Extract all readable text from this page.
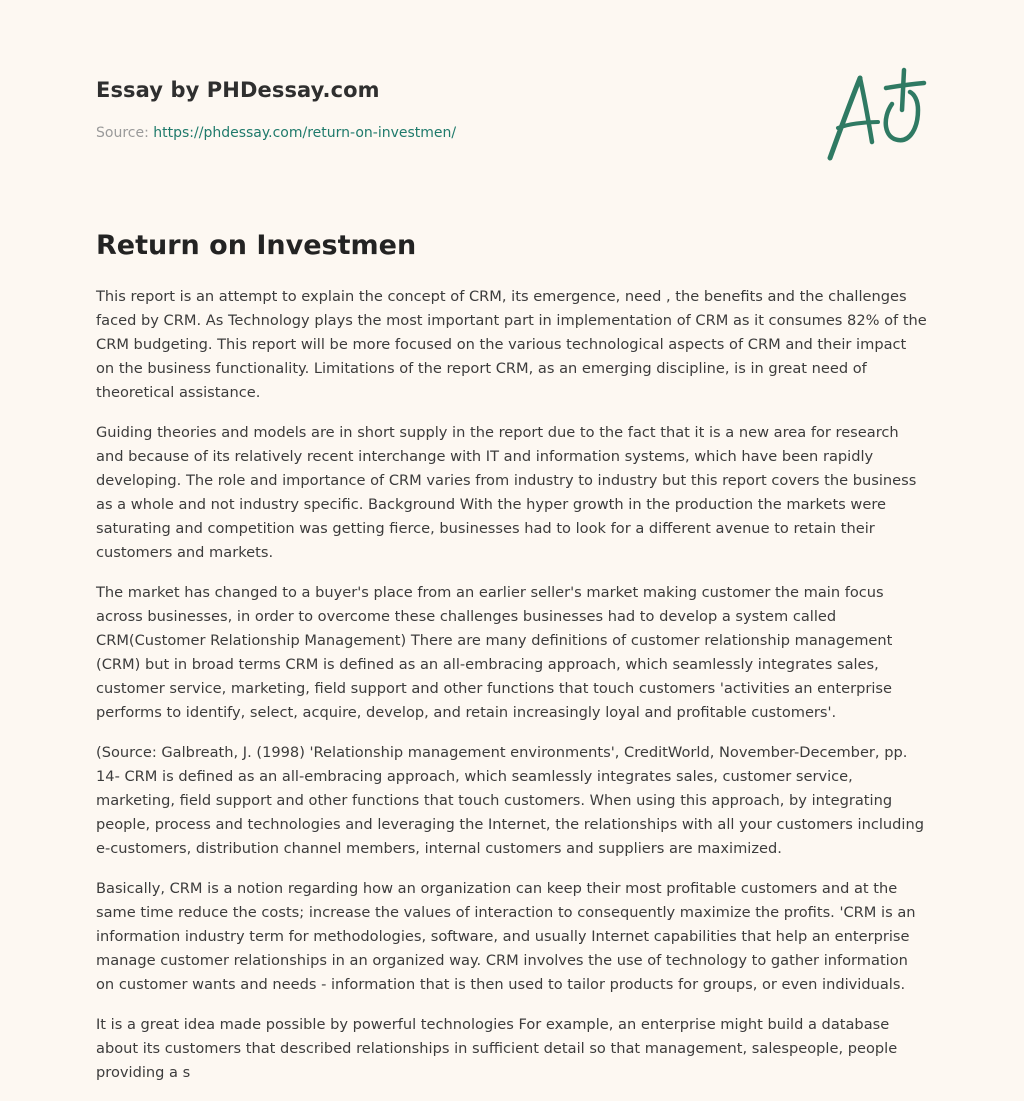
Essay by PHDessay.com
Source: https://phdessay.com/return-on-investmen/
Return on Investmen

This report is an attempt to explain the concept of CRM, its emergence, need , the benefits and the challenges faced by CRM. As Technology plays the most important part in implementation of CRM as it consumes 82% of the CRM budgeting. This report will be more focused on the various technological aspects of CRM and their impact on the business functionality. Limitations of the report CRM, as an emerging discipline, is in great need of theoretical assistance.

Guiding theories and models are in short supply in the report due to the fact that it is a new area for research and because of its relatively recent interchange with IT and information systems, which have been rapidly developing. The role and importance of CRM varies from industry to industry but this report covers the business as a whole and not industry specific. Background With the hyper growth in the production the markets were saturating and competition was getting fierce, businesses had to look for a different avenue to retain their customers and markets.

The market has changed to a buyer's place from an earlier seller's market making customer the main focus across businesses, in order to overcome these challenges businesses had to develop a system called CRM(Customer Relationship Management) There are many definitions of customer relationship management (CRM) but in broad terms CRM is defined as an all-embracing approach, which seamlessly integrates sales, customer service, marketing, field support and other functions that touch customers 'activities an enterprise performs to identify, select, acquire, develop, and retain increasingly loyal and profitable customers'.

(Source: Galbreath, J. (1998) 'Relationship management environments', CreditWorld, November-December, pp. 14- CRM is defined as an all-embracing approach, which seamlessly integrates sales, customer service, marketing, field support and other functions that touch customers. When using this approach, by integrating people, process and technologies and leveraging the Internet, the relationships with all your customers including e-customers, distribution channel members, internal customers and suppliers are maximized.

Basically, CRM is a notion regarding how an organization can keep their most profitable customers and at the same time reduce the costs; increase the values of interaction to consequently maximize the profits. 'CRM is an information industry term for methodologies, software, and usually Internet capabilities that help an enterprise manage customer relationships in an organized way. CRM involves the use of technology to gather information on customer wants and needs - information that is then used to tailor products for groups, or even individuals.

It is a great idea made possible by powerful technologies For example, an enterprise might build a database about its customers that described relationships in sufficient detail so that management, salespeople, people providing a s
